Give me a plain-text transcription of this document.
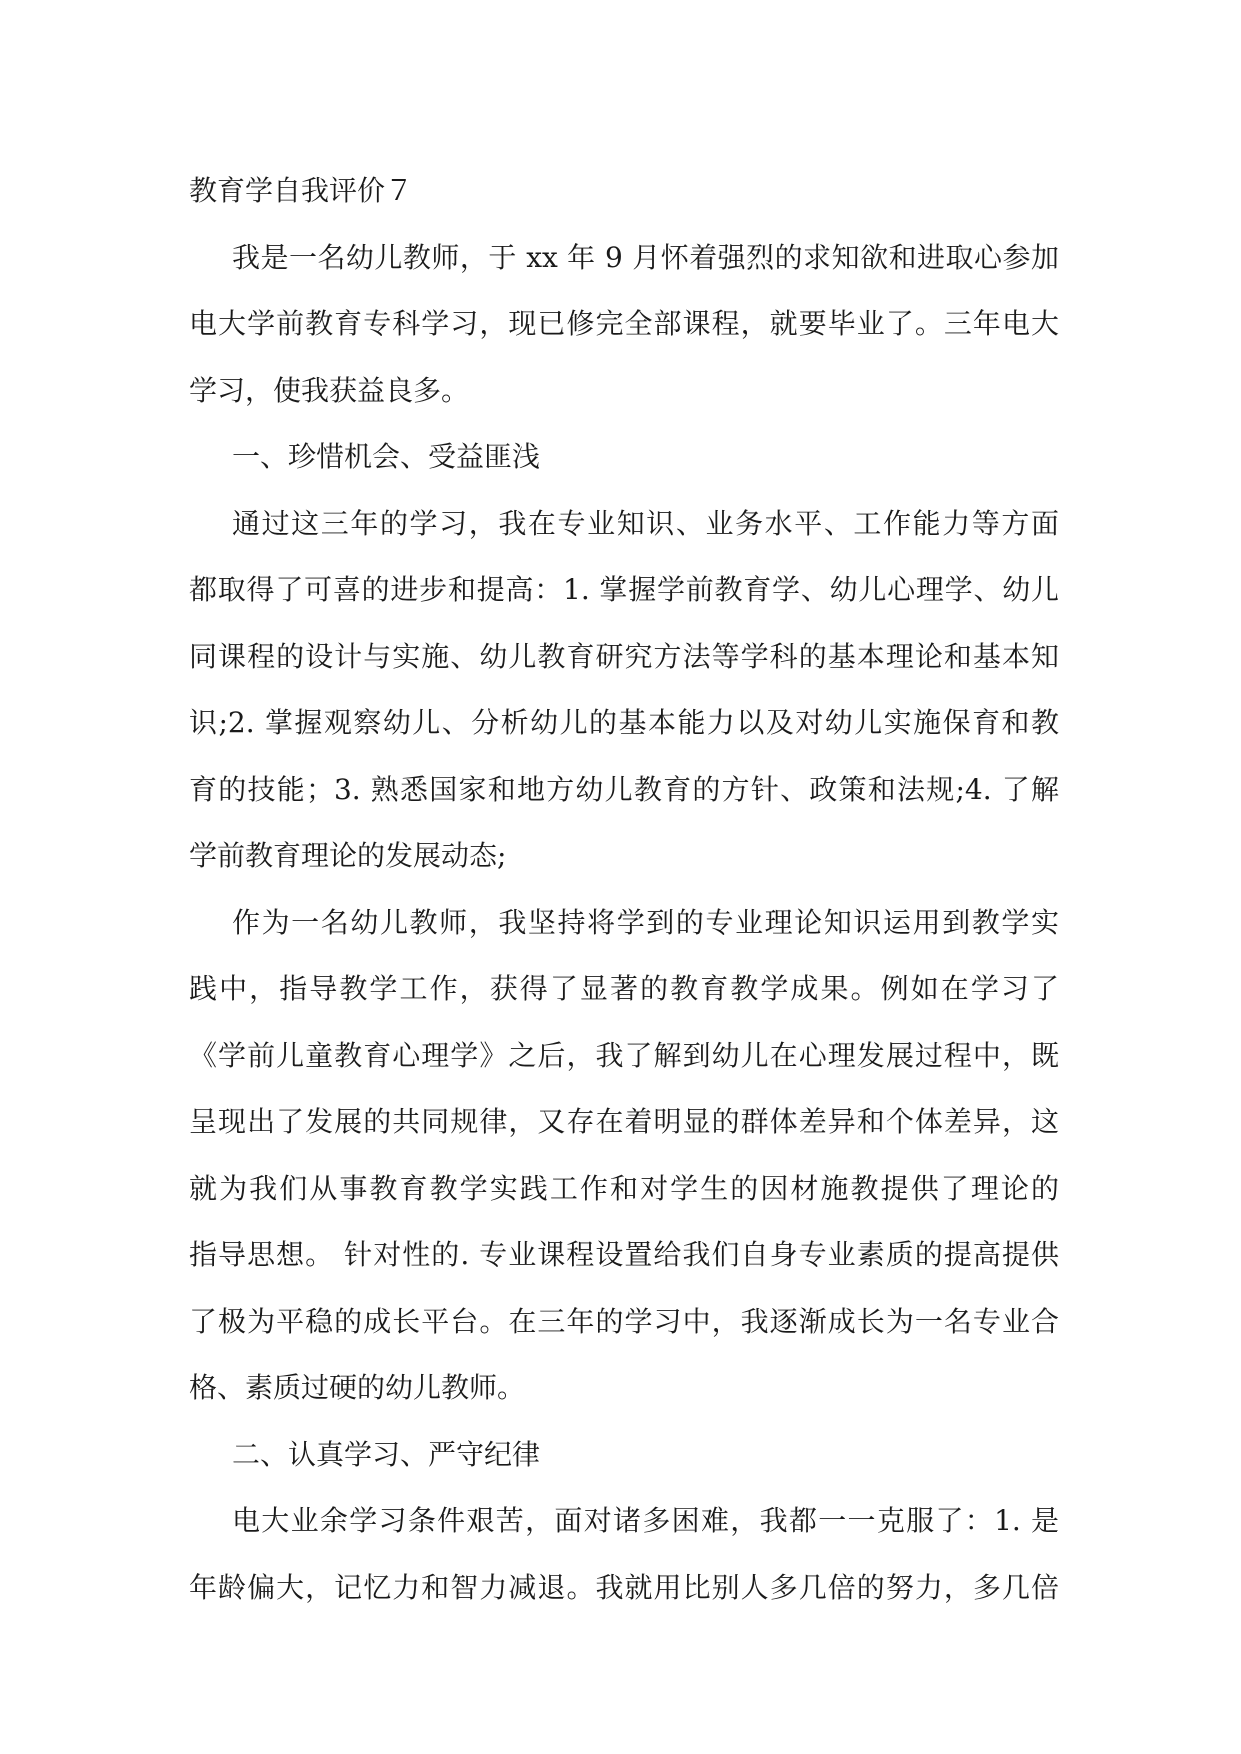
教育学自我评价７
我是一名幼儿教师，于 xx 年 9 月怀着强烈的求知欲和进取心参加
电大学前教育专科学习，现已修完全部课程，就要毕业了。三年电大
学习，使我获益良多。
一、珍惜机会、受益匪浅
通过这三年的学习，我在专业知识、业务水平、工作能力等方面
都取得了可喜的进步和提高：1. 掌握学前教育学、幼儿心理学、幼儿
同课程的设计与实施、幼儿教育研究方法等学科的基本理论和基本知
识;2. 掌握观察幼儿、分析幼儿的基本能力以及对幼儿实施保育和教
育的技能；3. 熟悉国家和地方幼儿教育的方针、政策和法规;4. 了解
学前教育理论的发展动态;
作为一名幼儿教师，我坚持将学到的专业理论知识运用到教学实
践中，指导教学工作，获得了显著的教育教学成果。例如在学习了
《学前儿童教育心理学》之后，我了解到幼儿在心理发展过程中，既
呈现出了发展的共同规律，又存在着明显的群体差异和个体差异，这
就为我们从事教育教学实践工作和对学生的因材施教提供了理论的
指导思想。 针对性的. 专业课程设置给我们自身专业素质的提高提供
了极为平稳的成长平台。在三年的学习中，我逐渐成长为一名专业合
格、素质过硬的幼儿教师。
二、认真学习、严守纪律
电大业余学习条件艰苦，面对诸多困难，我都一一克服了：1. 是
年龄偏大，记忆力和智力减退。我就用比别人多几倍的努力，多几倍
